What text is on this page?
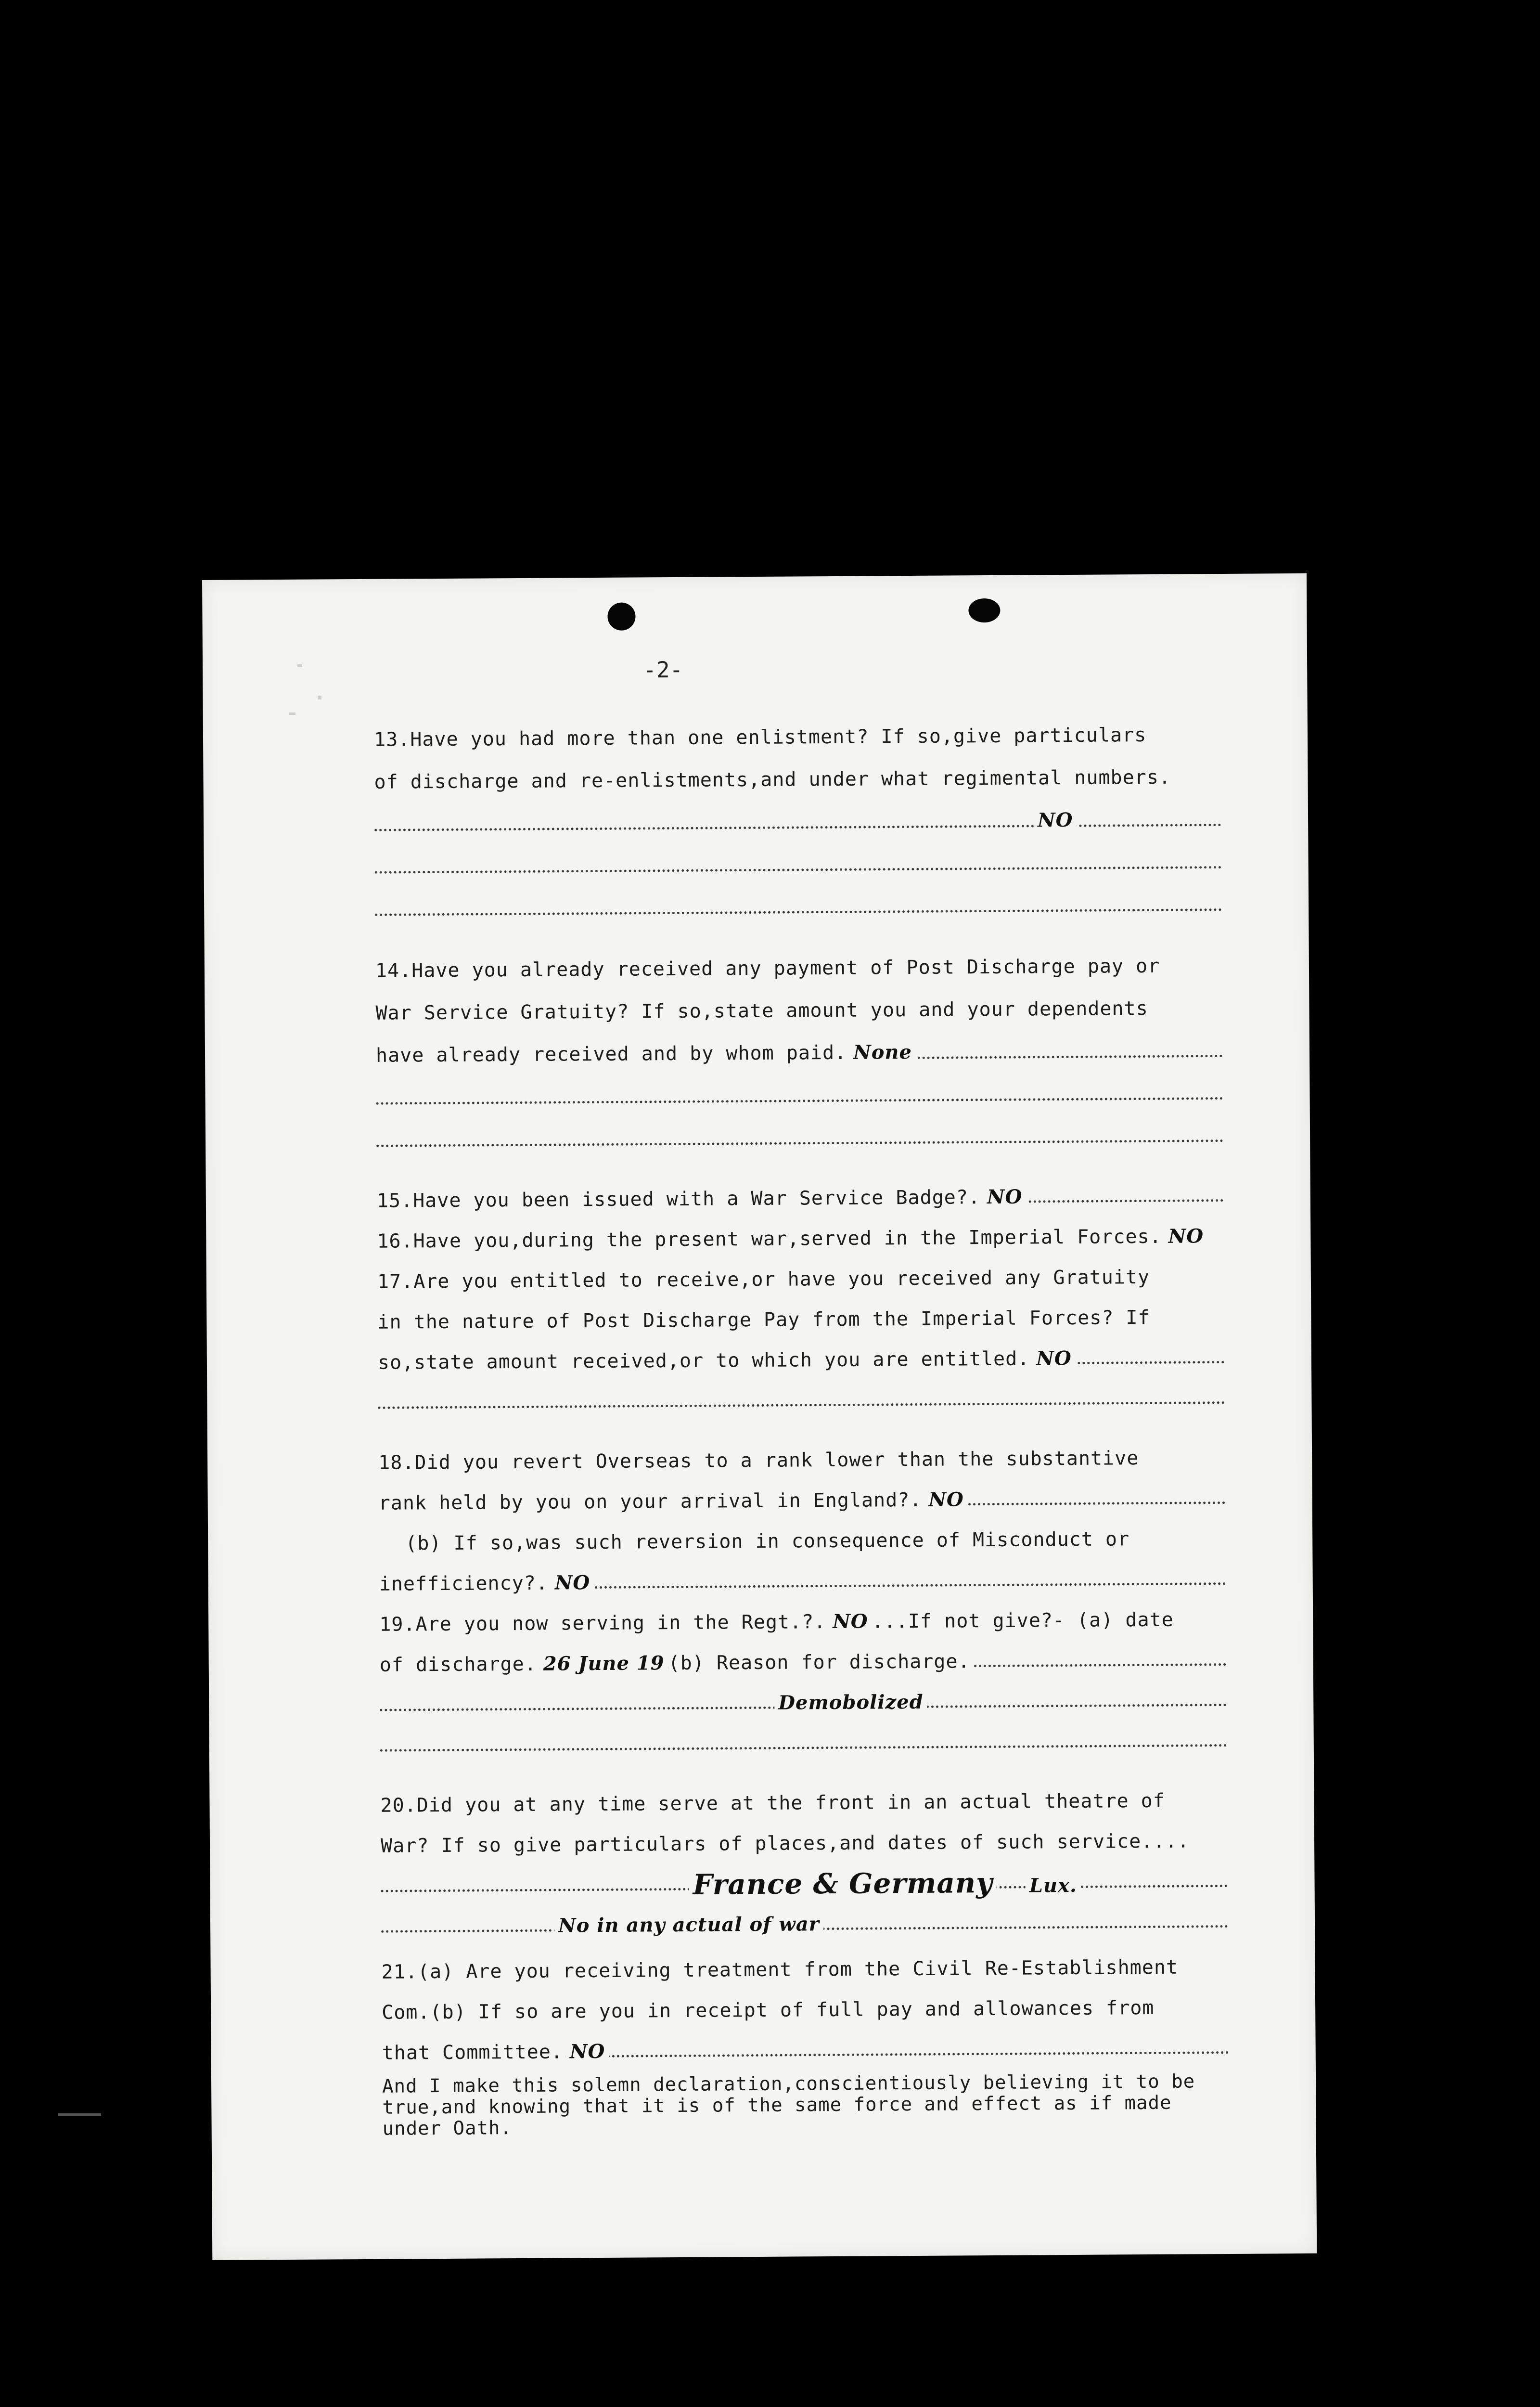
-2-
13.Have you had more than one enlistment? If so,give particulars
of discharge and re-enlistments,and under what regimental numbers.
NO
14.Have you already received any payment of Post Discharge pay or
War Service Gratuity? If so,state amount you and your dependents
have already received and by whom paid. None
15.Have you been issued with a War Service Badge?. NO
16.Have you,during the present war,served in the Imperial Forces. NO
17.Are you entitled to receive,or have you received any Gratuity
in the nature of Post Discharge Pay from the Imperial Forces? If
so,state amount received,or to which you are entitled. NO
18.Did you revert Overseas to a rank lower than the substantive
rank held by you on your arrival in England?. NO
(b) If so,was such reversion in consequence of Misconduct or
inefficiency?. NO
19.Are you now serving in the Regt.?. NO ...If not give?- (a) date
of discharge. 26 June 19 (b) Reason for discharge.
Demobolized
20.Did you at any time serve at the front in an actual theatre of
War? If so give particulars of places,and dates of such service....
France & Germany Lux.
No in any actual of war
21.(a) Are you receiving treatment from the Civil Re-Establishment
Com.(b) If so are you in receipt of full pay and allowances from
that Committee. NO
And I make this solemn declaration,conscientiously believing it to be true,and knowing that it is of the same force and effect as if made under Oath.
